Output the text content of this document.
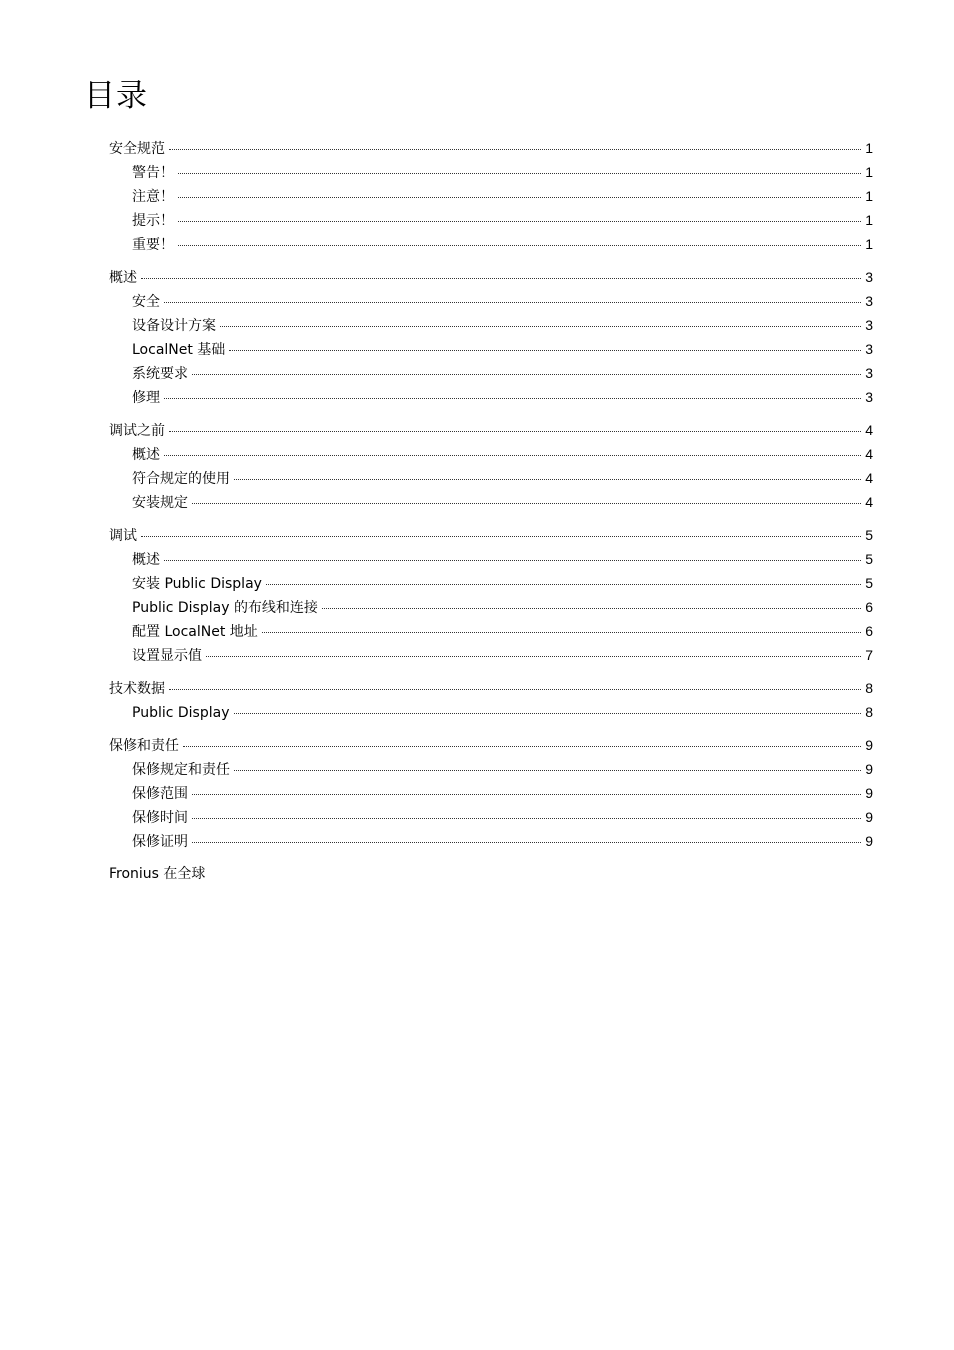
目录
安全规范	1
警告！	1
注意！	1
提示！	1
重要！	1
概述	3
安全	3
设备设计方案	3
LocalNet 基础	3
系统要求	3
修理	3
调试之前	4
概述	4
符合规定的使用	4
安装规定	4
调试	5
概述	5
安装 Public Display	5
Public Display 的布线和连接	6
配置 LocalNet 地址	6
设置显示值	7
技术数据	8
Public Display	8
保修和责任	9
保修规定和责任	9
保修范围	9
保修时间	9
保修证明	9
Fronius 在全球
